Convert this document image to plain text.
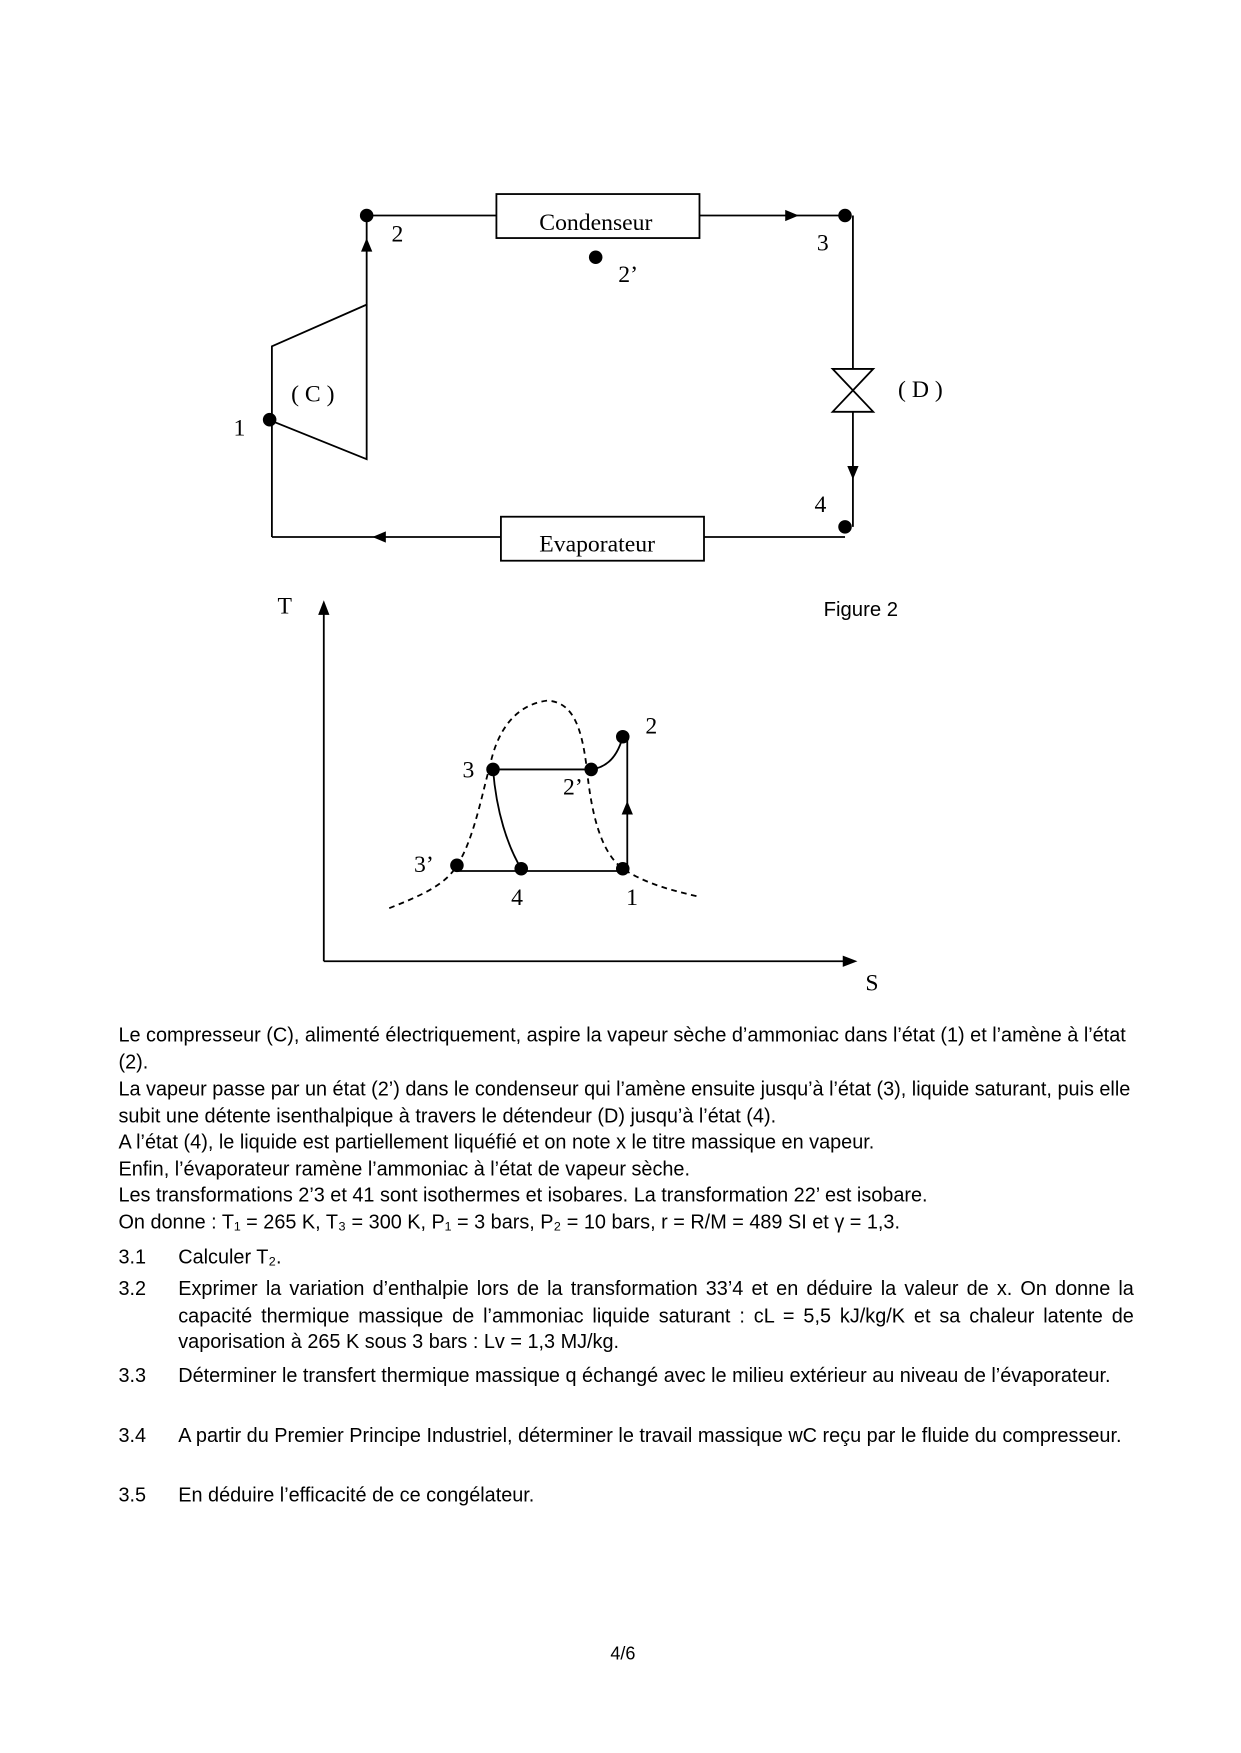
Condenseur
Evaporateur
( C )	( D )
1
2
2’
3
4
T
S
2
3
2’
3’
4	1
Figure 2
Le compresseur (C), alimenté électriquement, aspire la vapeur sèche d’ammoniac dans l’état (1) et l’amène à l’état (2).
La vapeur passe par un état (2’) dans le condenseur qui l’amène ensuite jusqu’à l’état (3), liquide saturant, puis elle subit une détente isenthalpique à travers le détendeur (D) jusqu’à l’état (4).
A l’état (4), le liquide est partiellement liquéfié et on note x le titre massique en vapeur.
Enfin, l’évaporateur ramène l’ammoniac à l’état de vapeur sèche.
Les transformations 2’3 et 41 sont isothermes et isobares. La transformation 22’ est isobare.
On donne : T₁ = 265 K, T₃ = 300 K, P₁ = 3 bars, P₂ = 10 bars, r = R/M = 489 SI et γ = 1,3.
3.1 Calculer T₂.
3.2 Exprimer la variation d’enthalpie lors de la transformation 33’4 et en déduire la valeur de x. On donne la capacité thermique massique de l’ammoniac liquide saturant : cL = 5,5 kJ/kg/K et sa chaleur latente de vaporisation à 265 K sous 3 bars : Lv = 1,3 MJ/kg.
3.3 Déterminer le transfert thermique massique q échangé avec le milieu extérieur au niveau de l’évaporateur.
3.4 A partir du Premier Principe Industriel, déterminer le travail massique wC reçu par le fluide du compresseur.
3.5 En déduire l’efficacité de ce congélateur.
4/6
